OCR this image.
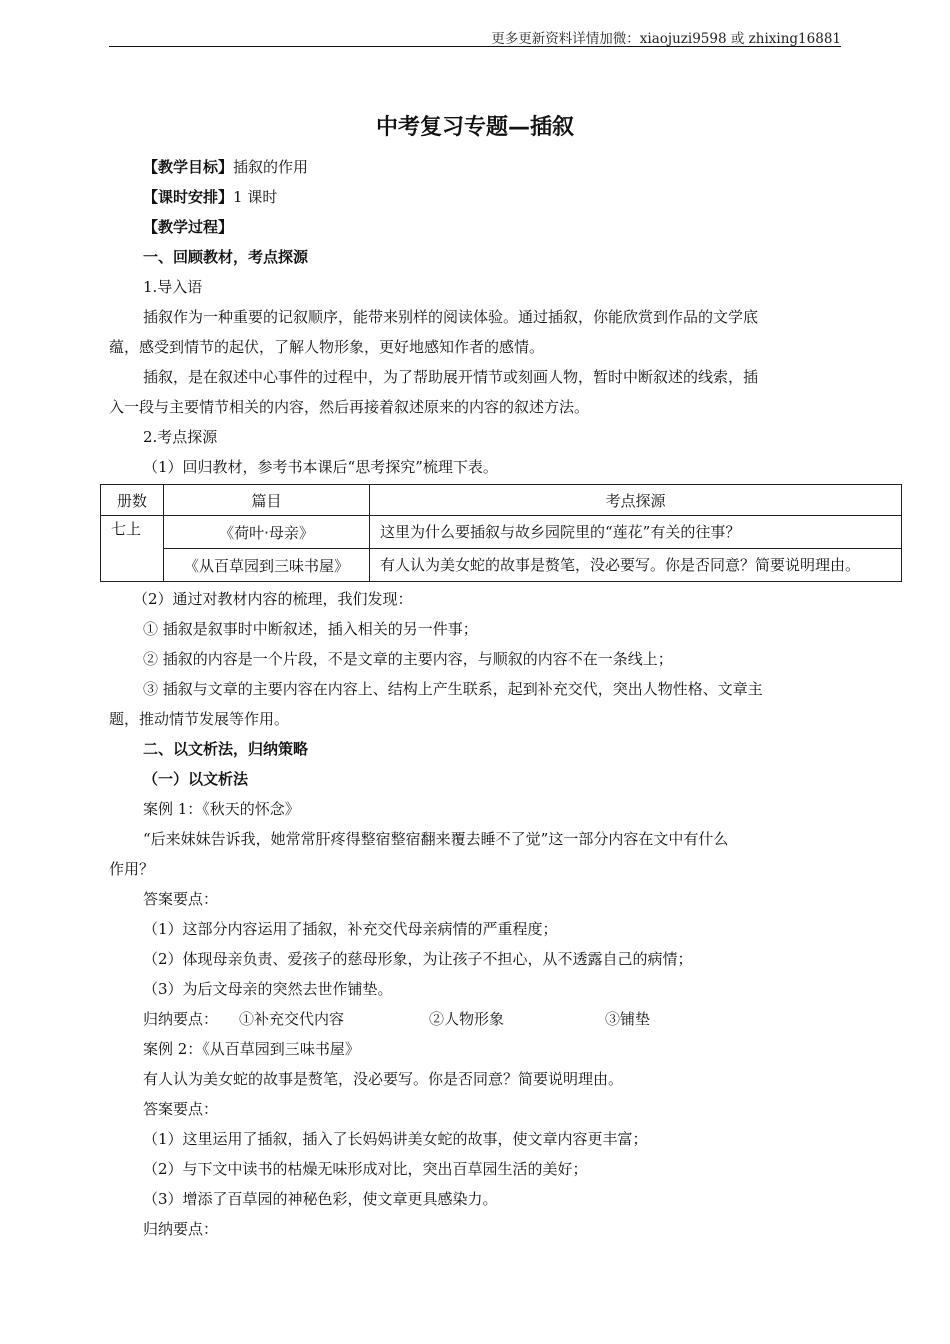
更多更新资料详情加微：xiaojuzi9598 或 zhixing16881
中考复习专题—插叙
【教学目标】插叙的作用
【课时安排】1 课时
【教学过程】
一、回顾教材，考点探源
1.导入语
插叙作为一种重要的记叙顺序，能带来别样的阅读体验。通过插叙，你能欣赏到作品的文学底
蕴，感受到情节的起伏，了解人物形象，更好地感知作者的感情。
插叙，是在叙述中心事件的过程中，为了帮助展开情节或刻画人物，暂时中断叙述的线索，插
入一段与主要情节相关的内容，然后再接着叙述原来的内容的叙述方法。
2.考点探源
（1）回归教材，参考书本课后“思考探究”梳理下表。
册数	篇目	考点探源
七上	《荷叶·母亲》	这里为什么要插叙与故乡园院里的“莲花”有关的往事？
	《从百草园到三味书屋》	有人认为美女蛇的故事是赘笔，没必要写。你是否同意？简要说明理由。
（2）通过对教材内容的梳理，我们发现：
① 插叙是叙事时中断叙述，插入相关的另一件事；
② 插叙的内容是一个片段，不是文章的主要内容，与顺叙的内容不在一条线上；
③ 插叙与文章的主要内容在内容上、结构上产生联系，起到补充交代，突出人物性格、文章主
题，推动情节发展等作用。
二、以文析法，归纳策略
（一）以文析法
案例 1：《秋天的怀念》
“后来妹妹告诉我，她常常肝疼得整宿整宿翻来覆去睡不了觉”这一部分内容在文中有什么
作用？
答案要点：
（1）这部分内容运用了插叙，补充交代母亲病情的严重程度；
（2）体现母亲负责、爱孩子的慈母形象，为让孩子不担心，从不透露自己的病情；
（3）为后文母亲的突然去世作铺垫。
归纳要点： ①补充交代内容	②人物形象	③铺垫
案例 2：《从百草园到三味书屋》
有人认为美女蛇的故事是赘笔，没必要写。你是否同意？简要说明理由。
答案要点：
（1）这里运用了插叙，插入了长妈妈讲美女蛇的故事，使文章内容更丰富；
（2）与下文中读书的枯燥无味形成对比，突出百草园生活的美好；
（3）增添了百草园的神秘色彩，使文章更具感染力。
归纳要点：
